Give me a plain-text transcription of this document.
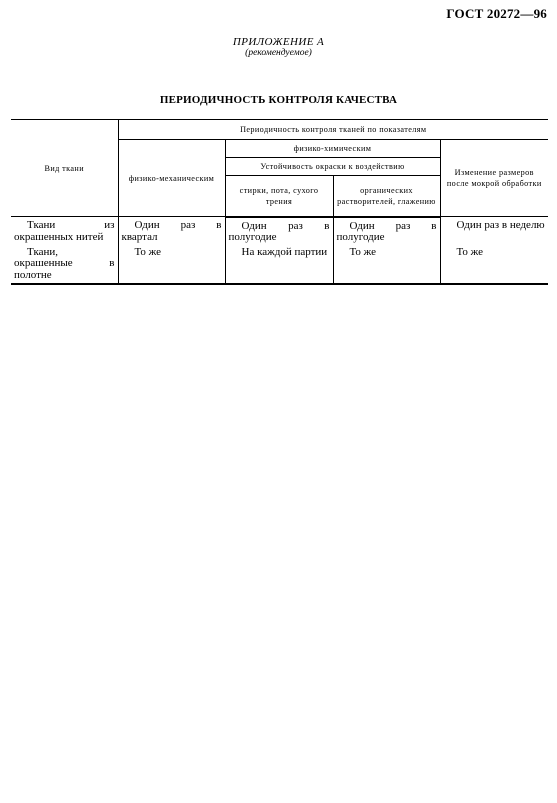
ГОСТ 20272—96
ПРИЛОЖЕНИЕ А
(рекомендуемое)
ПЕРИОДИЧНОСТЬ КОНТРОЛЯ КАЧЕСТВА
Вид ткани	Периодичность контроля тканей по показателям			
	физико-механическим	физико-химическим		Изменение размеров после мокрой обработки
		Устойчивость окраски к воздействию		
		стирки, пота, сухого трения	органических растворителей, глажению	
Ткани из окрашенных нитей	Один раз в квартал	Один раз в полугодие	Один раз в полугодие	Один раз в неделю
Ткани, окрашенные в полотне	То же	На каждой партии	То же	То же
